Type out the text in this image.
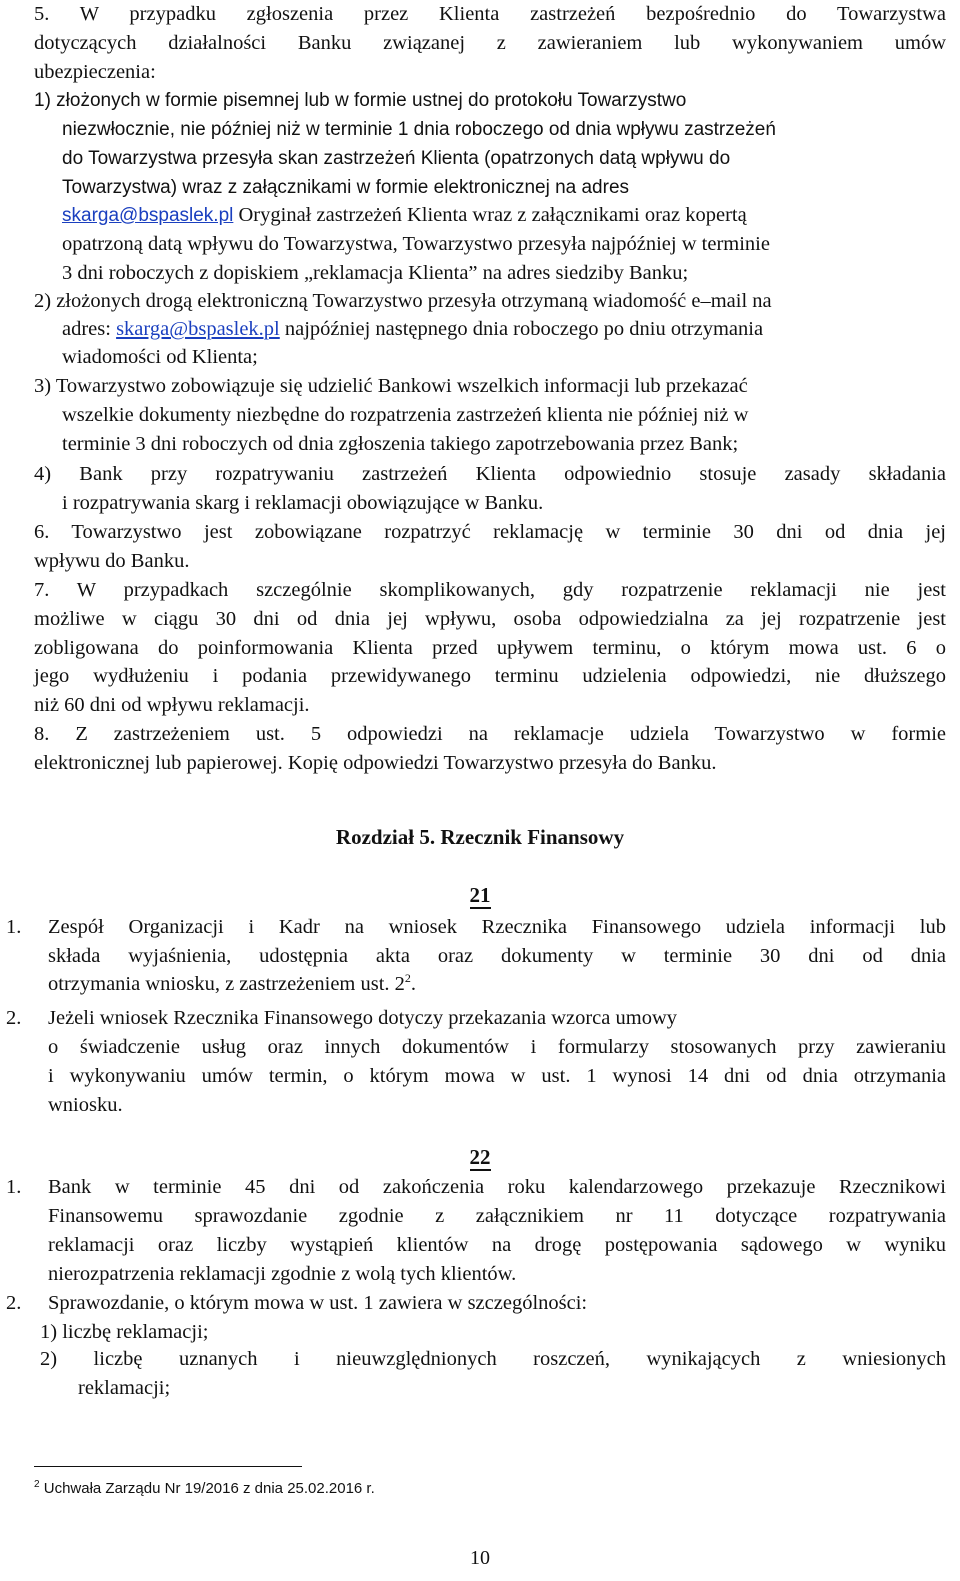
5. W przypadku zgłoszenia przez Klienta zastrzeżeń bezpośrednio do Towarzystwa
dotyczących działalności Banku związanej z zawieraniem lub wykonywaniem umów
ubezpieczenia:
1) złożonych w formie pisemnej lub w formie ustnej do protokołu Towarzystwo
niezwłocznie, nie później niż w terminie 1 dnia roboczego od dnia wpływu zastrzeżeń
do Towarzystwa przesyła skan zastrzeżeń Klienta (opatrzonych datą wpływu do
Towarzystwa) wraz z załącznikami w formie elektronicznej na adres
skarga@bspaslek.pl Oryginał zastrzeżeń Klienta wraz z załącznikami oraz kopertą
opatrzoną datą wpływu do Towarzystwa, Towarzystwo przesyła najpóźniej w terminie
3 dni roboczych z dopiskiem „reklamacja Klienta” na adres siedziby Banku;
2) złożonych drogą elektroniczną Towarzystwo przesyła otrzymaną wiadomość e–mail na
adres: skarga@bspaslek.pl najpóźniej następnego dnia roboczego po dniu otrzymania
wiadomości od Klienta;
3) Towarzystwo zobowiązuje się udzielić Bankowi wszelkich informacji lub przekazać
wszelkie dokumenty niezbędne do rozpatrzenia zastrzeżeń klienta nie później niż w
terminie 3 dni roboczych od dnia zgłoszenia takiego zapotrzebowania przez Bank;
4) Bank przy rozpatrywaniu zastrzeżeń Klienta odpowiednio stosuje zasady składania
i rozpatrywania skarg i reklamacji obowiązujące w Banku.
6. Towarzystwo jest zobowiązane rozpatrzyć reklamację w terminie 30 dni od dnia jej
wpływu do Banku.
7. W przypadkach szczególnie skomplikowanych, gdy rozpatrzenie reklamacji nie jest
możliwe w ciągu 30 dni od dnia jej wpływu, osoba odpowiedzialna za jej rozpatrzenie jest
zobligowana do poinformowania Klienta przed upływem terminu, o którym mowa ust. 6 o
jego wydłużeniu i podania przewidywanego terminu udzielenia odpowiedzi, nie dłuższego
niż 60 dni od wpływu reklamacji.
8. Z zastrzeżeniem ust. 5 odpowiedzi na reklamacje udziela Towarzystwo w formie
elektronicznej lub papierowej. Kopię odpowiedzi Towarzystwo przesyła do Banku.
Rozdział 5. Rzecznik Finansowy
21
1. Zespół Organizacji i Kadr na wniosek Rzecznika Finansowego udziela informacji lub
składa wyjaśnienia, udostępnia akta oraz dokumenty w terminie 30 dni od dnia
otrzymania wniosku, z zastrzeżeniem ust. $2^2$.
2. Jeżeli wniosek Rzecznika Finansowego dotyczy przekazania wzorca umowy
o świadczenie usług oraz innych dokumentów i formularzy stosowanych przy zawieraniu
i wykonywaniu umów termin, o którym mowa w ust. 1 wynosi 14 dni od dnia otrzymania
wniosku.
22
1. Bank w terminie 45 dni od zakończenia roku kalendarzowego przekazuje Rzecznikowi
Finansowemu sprawozdanie zgodnie z załącznikiem nr 11 dotyczące rozpatrywania
reklamacji oraz liczby wystąpień klientów na drogę postępowania sądowego w wyniku
nierozpatrzenia reklamacji zgodnie z wolą tych klientów.
2. Sprawozdanie, o którym mowa w ust. 1 zawiera w szczególności:
1) liczbę reklamacji;
2) liczbę uznanych i nieuwzględnionych roszczeń, wynikających z wniesionych
reklamacji;
$^2$ Uchwała Zarządu Nr 19/2016 z dnia 25.02.2016 r.
10
